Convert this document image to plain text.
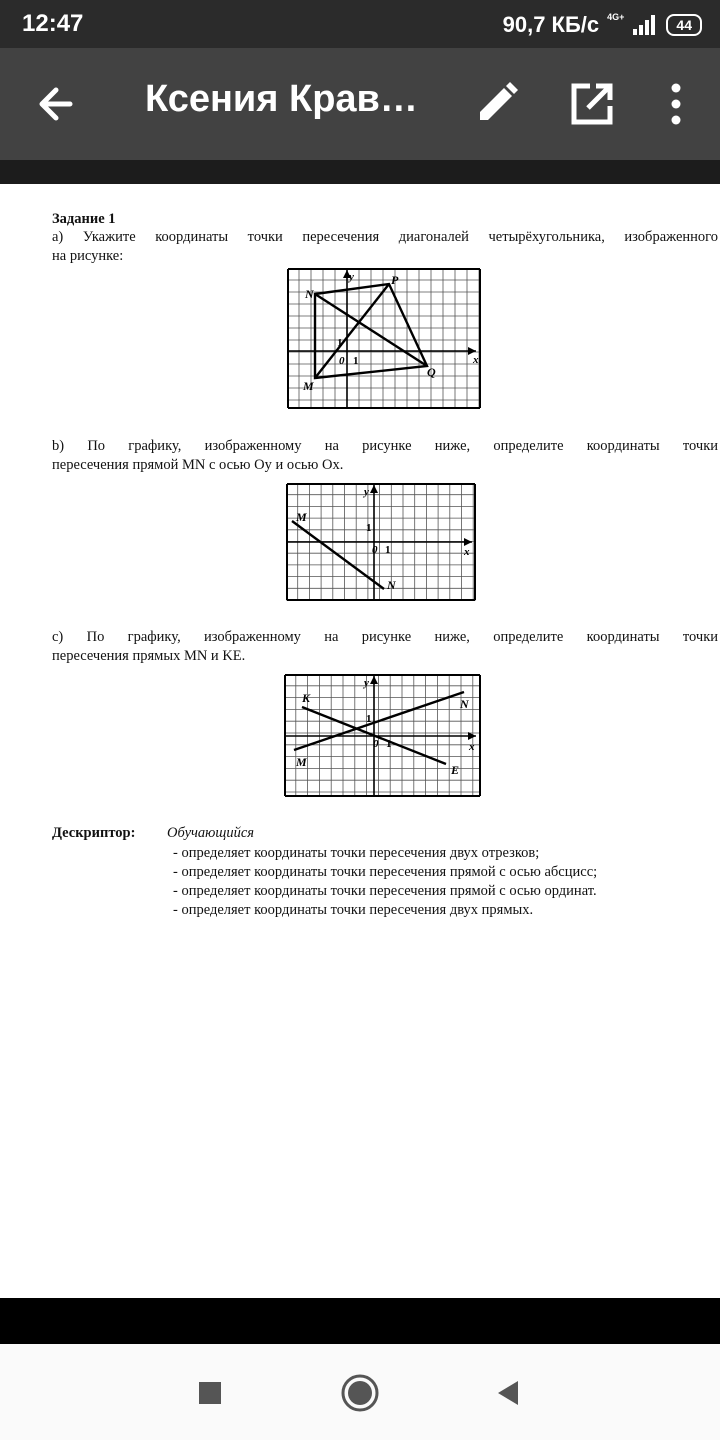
12:47	90,7 КБ/с 4G+	44
Ксения Крав…
Задание 1
а) Укажите координаты точки пересечения диагоналей четырёхугольника, изображенного
на рисунке:
N
P
Q
M
y
x
1
0 1
b) По графику, изображенному на рисунке ниже, определите координаты точки
пересечения прямой MN с осью Oy и осью Ox.
M
N
y
x
1
0 1
c) По графику, изображенному на рисунке ниже, определите координаты точки
пересечения прямых MN и KE.
K	N
M
E
y
x
1
0 1
Дескриптор: Обучающийся
- определяет координаты точки пересечения двух отрезков;
- определяет координаты точки пересечения прямой с осью абсцисс;
- определяет координаты точки пересечения прямой с осью ординат.
- определяет координаты точки пересечения двух прямых.
